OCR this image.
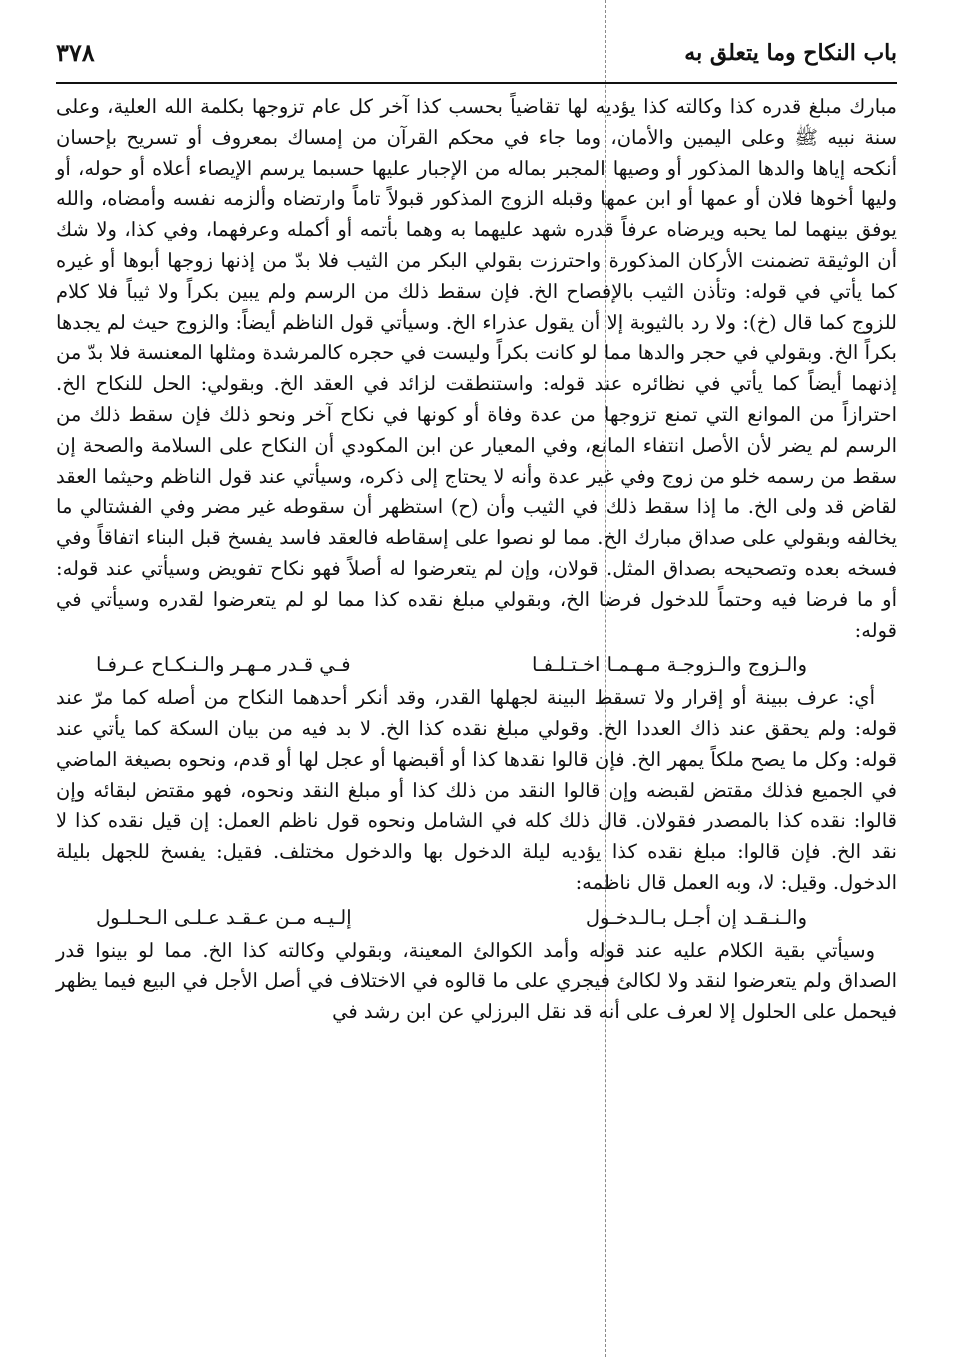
باب النكاح وما يتعلق به
٣٧٨

مبارك مبلغ قدره كذا وكالته كذا يؤديه لها تقاضياً بحسب كذا آخر كل عام تزوجها بكلمة الله العلية، وعلى سنة نبيه ﷺ وعلى اليمين والأمان، وما جاء في محكم القرآن من إمساك بمعروف أو تسريح بإحسان أنكحه إياها والدها المذكور أو وصيها المجبر بماله من الإجبار عليها حسبما يرسم الإيصاء أعلاه أو حوله، أو وليها أخوها فلان أو عمها أو ابن عمها وقبله الزوج المذكور قبولاً تاماً وارتضاه وألزمه نفسه وأمضاه، والله يوفق بينهما لما يحبه ويرضاه عرفاً قدره شهد عليهما به وهما بأتمه أو أكمله وعرفهما، وفي كذا، ولا شك أن الوثيقة تضمنت الأركان المذكورة واحترزت بقولي البكر من الثيب فلا بدّ من إذنها زوجها أبوها أو غيره كما يأتي في قوله: وتأذن الثيب بالإفصاح الخ. فإن سقط ذلك من الرسم ولم يبين بكراً ولا ثيباً فلا كلام للزوج كما قال (خ): ولا رد بالثيوبة إلا أن يقول عذراء الخ. وسيأتي قول الناظم أيضاً: والزوج حيث لم يجدها بكراً الخ. وبقولي في حجر والدها مما لو كانت بكراً وليست في حجره كالمرشدة ومثلها المعنسة فلا بدّ من إذنهما أيضاً كما يأتي في نظائره عند قوله: واستنطقت لزائد في العقد الخ. وبقولي: الحل للنكاح الخ. احترازاً من الموانع التي تمنع تزوجها من عدة وفاة أو كونها في نكاح آخر ونحو ذلك فإن سقط ذلك من الرسم لم يضر لأن الأصل انتفاء المانع، وفي المعيار عن ابن المكودي أن النكاح على السلامة والصحة إن سقط من رسمه خلو من زوج وفي غير عدة وأنه لا يحتاج إلى ذكره، وسيأتي عند قول الناظم وحيثما العقد لقاض قد ولى الخ. ما إذا سقط ذلك في الثيب وأن (ح) استظهر أن سقوطه غير مضر وفي الفشتالي ما يخالفه وبقولي على صداق مبارك الخ. مما لو نصوا على إسقاطه فالعقد فاسد يفسخ قبل البناء اتفاقاً وفي فسخه بعده وتصحيحه بصداق المثل. قولان، وإن لم يتعرضوا له أصلاً فهو نكاح تفويض وسيأتي عند قوله: أو ما فرضا فيه وحتماً للدخول فرضا الخ، وبقولي مبلغ نقده كذا مما لو لم يتعرضوا لقدره وسيأتي في قوله:

والـزوج والـزوجـة مـهـمـا اخـتـلـفـا
فـي قـدر مـهـر والـنـكـاح عـرفـا

أي: عرف ببينة أو إقرار ولا تسقط البينة لجهلها القدر، وقد أنكر أحدهما النكاح من أصله كما مرّ عند قوله: ولم يحقق عند ذاك العددا الخ. وقولي مبلغ نقده كذا الخ. لا بد فيه من بيان السكة كما يأتي عند قوله: وكل ما يصح ملكاً يمهر الخ. فإن قالوا نقدها كذا أو أقبضها أو عجل لها أو قدم، ونحوه بصيغة الماضي في الجميع فذلك مقتض لقبضه وإن قالوا النقد من ذلك كذا أو مبلغ النقد ونحوه، فهو مقتض لبقائه وإن قالوا: نقده كذا بالمصدر فقولان. قال ذلك كله في الشامل ونحوه قول ناظم العمل: إن قيل نقده كذا لا نقد الخ. فإن قالوا: مبلغ نقده كذا يؤديه ليلة الدخول بها والدخول مختلف. فقيل: يفسخ للجهل بليلة الدخول. وقيل: لا، وبه العمل قال ناظمه:

والـنـقـد إن أجـل بـالـدخـول
إلـيـه مـن عـقـد عـلـى الـحـلـول

وسيأتي بقية الكلام عليه عند قوله وأمد الكوالئ المعينة، وبقولي وكالته كذا الخ. مما لو بينوا قدر الصداق ولم يتعرضوا لنقد ولا لكالئ فيجري على ما قالوه في الاختلاف في أصل الأجل في البيع فيما يظهر فيحمل على الحلول إلا لعرف على أنه قد نقل البرزلي عن ابن رشد في
